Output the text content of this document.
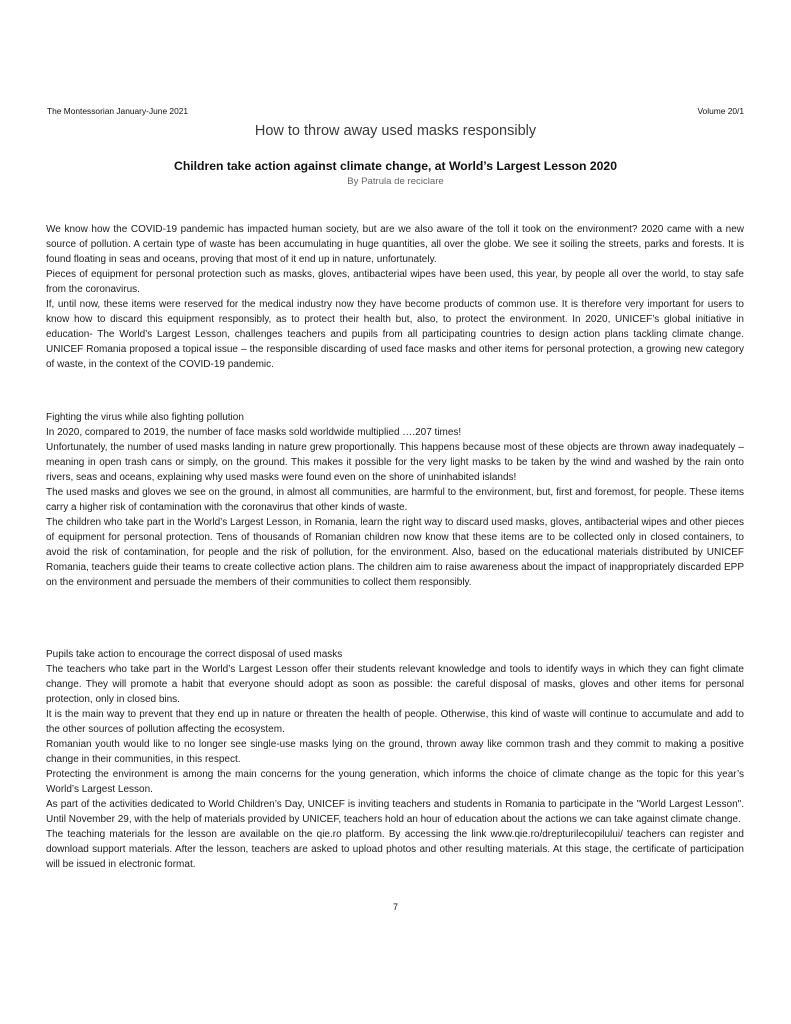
The Montessorian January-June 2021	Volume 20/1
How to throw away used masks responsibly
Children take action against climate change, at World’s Largest Lesson 2020
By Patrula de reciclare

We know how the COVID-19 pandemic has impacted human society, but are we also aware of the toll it took on the environment? 2020 came with a new source of pollution. A certain type of waste has been accumulating in huge quantities, all over the globe. We see it soiling the streets, parks and forests. It is found floating in seas and oceans, proving that most of it end up in nature, unfortunately.

Pieces of equipment for personal protection such as masks, gloves, antibacterial wipes have been used, this year, by people all over the world, to stay safe from the coronavirus.

If, until now, these items were reserved for the medical industry now they have become products of common use. It is therefore very important for users to know how to discard this equipment responsibly, as to protect their health but, also, to protect the environment. In 2020, UNICEF’s global initiative in education- The World’s Largest Lesson, challenges teachers and pupils from all participating countries to design action plans tackling climate change. UNICEF Romania proposed a topical issue – the responsible discarding of used face masks and other items for personal protection, a growing new category of waste, in the context of the COVID-19 pandemic.

Fighting the virus while also fighting pollution

In 2020, compared to 2019, the number of face masks sold worldwide multiplied ….207 times!

Unfortunately, the number of used masks landing in nature grew proportionally. This happens because most of these objects are thrown away inadequately – meaning in open trash cans or simply, on the ground. This makes it possible for the very light masks to be taken by the wind and washed by the rain onto rivers, seas and oceans, explaining why used masks were found even on the shore of uninhabited islands!

The used masks and gloves we see on the ground, in almost all communities, are harmful to the environment, but, first and foremost, for people. These items carry a higher risk of contamination with the coronavirus that other kinds of waste.

The children who take part in the World’s Largest Lesson, in Romania, learn the right way to discard used masks, gloves, antibacterial wipes and other pieces of equipment for personal protection. Tens of thousands of Romanian children now know that these items are to be collected only in closed containers, to avoid the risk of contamination, for people and the risk of pollution, for the environment. Also, based on the educational materials distributed by UNICEF Romania, teachers guide their teams to create collective action plans. The children aim to raise awareness about the impact of inappropriately discarded EPP on the environment and persuade the members of their communities to collect them responsibly.

Pupils take action to encourage the correct disposal of used masks

The teachers who take part in the World’s Largest Lesson offer their students relevant knowledge and tools to identify ways in which they can fight climate change. They will promote a habit that everyone should adopt as soon as possible: the careful disposal of masks, gloves and other items for personal protection, only in closed bins.

It is the main way to prevent that they end up in nature or threaten the health of people. Otherwise, this kind of waste will continue to accumulate and add to the other sources of pollution affecting the ecosystem.

Romanian youth would like to no longer see single-use masks lying on the ground, thrown away like common trash and they commit to making a positive change in their communities, in this respect.

Protecting the environment is among the main concerns for the young generation, which informs the choice of climate change as the topic for this year’s World’s Largest Lesson.

As part of the activities dedicated to World Children’s Day, UNICEF is inviting teachers and students in Romania to participate in the "World Largest Lesson". Until November 29, with the help of materials provided by UNICEF, teachers hold an hour of education about the actions we can take against climate change.

The teaching materials for the lesson are available on the qie.ro platform. By accessing the link www.qie.ro/drepturilecopilului/ teachers can register and download support materials. After the lesson, teachers are asked to upload photos and other resulting materials. At this stage, the certificate of participation will be issued in electronic format.

7
